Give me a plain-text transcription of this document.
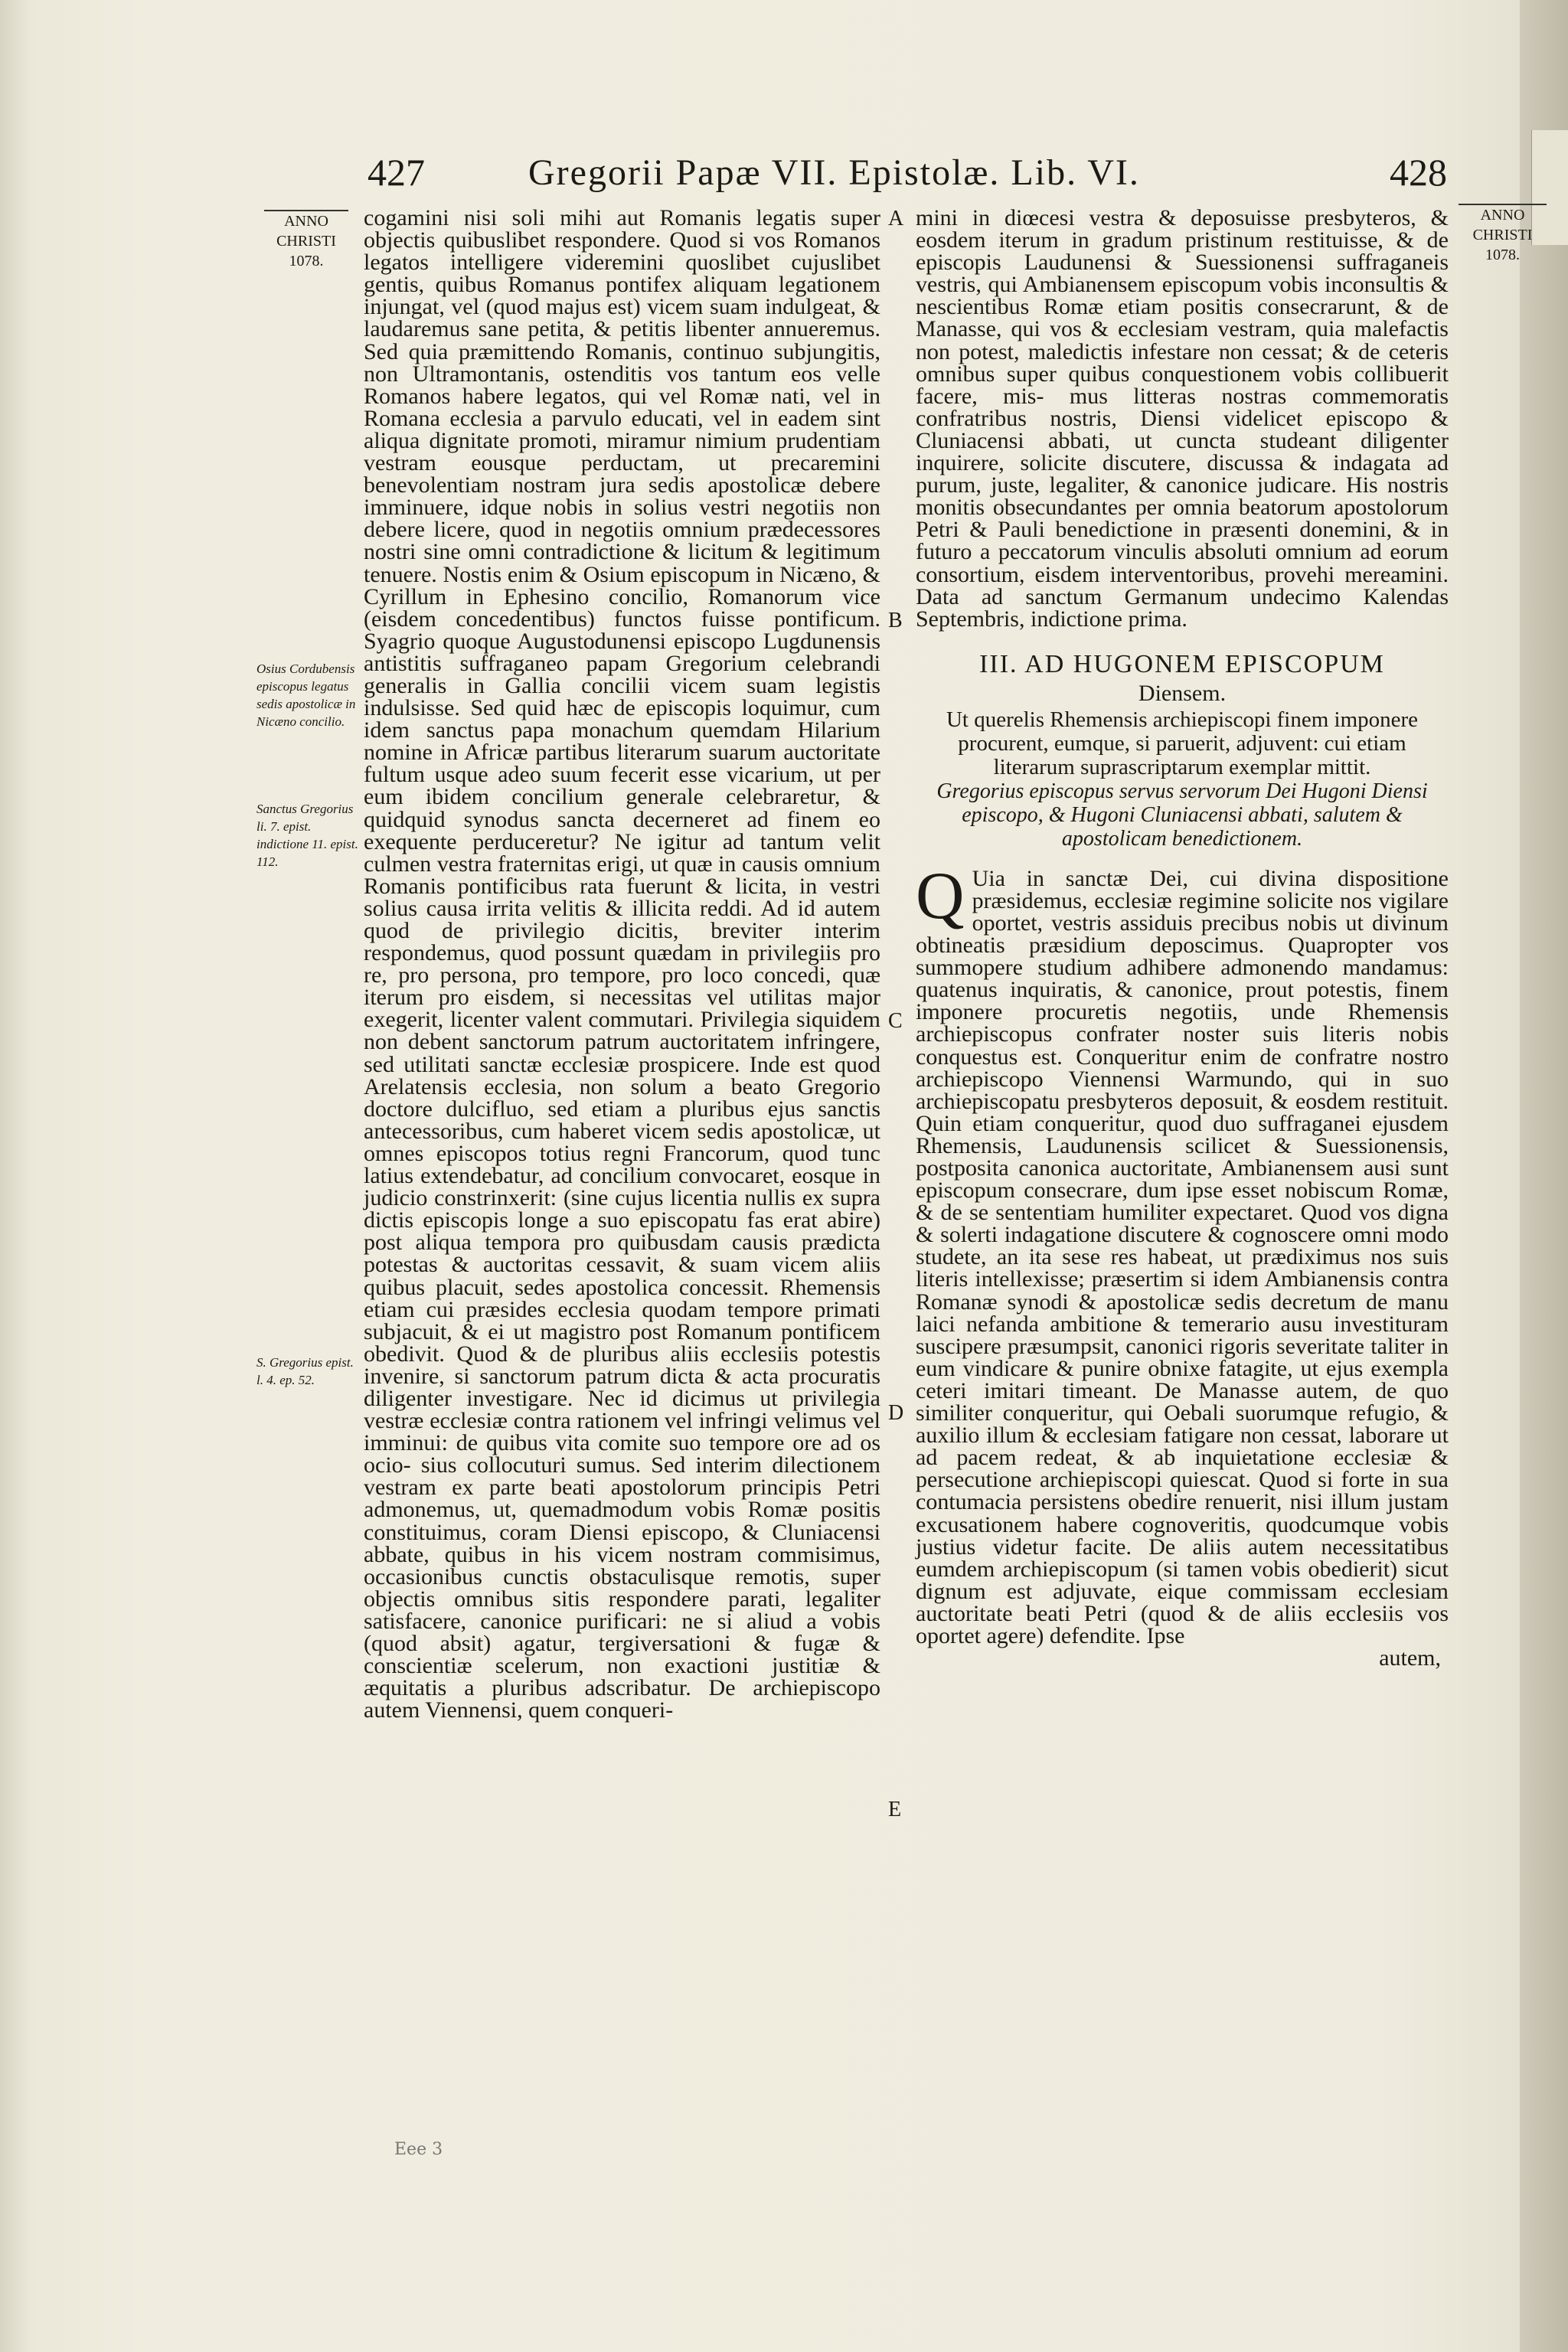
427	Gregorii Papæ VII. Epistolæ. Lib. VI.	428
ANNO
CHRISTI
1078.
ANNO
CHRISTI
1078.
Osius Cordubensis episcopus legatus sedis apostolicæ in Nicæno concilio.
Sanctus Gregorius li. 7. epist. indictione 11. epist. 112.
S. Gregorius epist. l. 4. ep. 52.
A
B
C
D
E

cogamini nisi soli mihi aut Romanis legatis super objectis quibuslibet respondere. Quod si vos Romanos legatos intelligere videremini quoslibet cujuslibet gentis, quibus Romanus pontifex aliquam legationem injungat, vel (quod majus est) vicem suam indulgeat, & laudaremus sane petita, & petitis libenter annueremus. Sed quia præmittendo Romanis, continuo subjungitis, non Ultramontanis, ostenditis vos tantum eos velle Romanos habere legatos, qui vel Romæ nati, vel in Romana ecclesia a parvulo educati, vel in eadem sint aliqua dignitate promoti, miramur nimium prudentiam vestram eousque perductam, ut precaremini benevolentiam nostram jura sedis apostolicæ debere imminuere, idque nobis in solius vestri negotiis non debere licere, quod in negotiis omnium prædecessores nostri sine omni contradictione & licitum & legitimum tenuere. Nostis enim & Osium episcopum in Nicæno, & Cyrillum in Ephesino concilio, Romanorum vice (eisdem concedentibus) functos fuisse pontificum. Syagrio quoque Augustodunensi episcopo Lugdunensis antistitis suffraganeo papam Gregorium celebrandi generalis in Gallia concilii vicem suam legistis indulsisse. Sed quid hæc de episcopis loquimur, cum idem sanctus papa monachum quemdam Hilarium nomine in Africæ partibus literarum suarum auctoritate fultum usque adeo suum fecerit esse vicarium, ut per eum ibidem concilium generale celebraretur, & quidquid synodus sancta decerneret ad finem eo exequente perduceretur? Ne igitur ad tantum velit culmen vestra fraternitas erigi, ut quæ in causis omnium Romanis pontificibus rata fuerunt & licita, in vestri solius causa irrita velitis & illicita reddi. Ad id autem quod de privilegio dicitis, breviter interim respondemus, quod possunt quædam in privilegiis pro re, pro persona, pro tempore, pro loco concedi, quæ iterum pro eisdem, si necessitas vel utilitas major exegerit, licenter valent commutari. Privilegia siquidem non debent sanctorum patrum auctoritatem infringere, sed utilitati sanctæ ecclesiæ prospicere. Inde est quod Arelatensis ecclesia, non solum a beato Gregorio doctore dulcifluo, sed etiam a pluribus ejus sanctis antecessoribus, cum haberet vicem sedis apostolicæ, ut omnes episcopos totius regni Francorum, quod tunc latius extendebatur, ad concilium convocaret, eosque in judicio constrinxerit: (sine cujus licentia nullis ex supra dictis episcopis longe a suo episcopatu fas erat abire) post aliqua tempora pro quibusdam causis prædicta potestas & auctoritas cessavit, & suam vicem aliis quibus placuit, sedes apostolica concessit. Rhemensis etiam cui præsides ecclesia quodam tempore primati subjacuit, & ei ut magistro post Romanum pontificem obedivit. Quod & de pluribus aliis ecclesiis potestis invenire, si sanctorum patrum dicta & acta procuratis diligenter investigare. Nec id dicimus ut privilegia vestræ ecclesiæ contra rationem vel infringi velimus vel imminui: de quibus vita comite suo tempore ore ad os ocio- sius collocuturi sumus. Sed interim dilectionem vestram ex parte beati apostolorum principis Petri admonemus, ut, quemadmodum vobis Romæ positis constituimus, coram Diensi episcopo, & Cluniacensi abbate, quibus in his vicem nostram commisimus, occasionibus cunctis obstaculisque remotis, super objectis omnibus sitis respondere parati, legaliter satisfacere, canonice purificari: ne si aliud a vobis (quod absit) agatur, tergiversationi & fugæ & conscientiæ scelerum, non exactioni justitiæ & æquitatis a pluribus adscribatur. De archiepiscopo autem Viennensi, quem conqueri-

Eee 3

mini in diœcesi vestra & deposuisse presbyteros, & eosdem iterum in gradum pristinum restituisse, & de episcopis Laudunensi & Suessionensi suffraganeis vestris, qui Ambianensem episcopum vobis inconsultis & nescientibus Romæ etiam positis consecrarunt, & de Manasse, qui vos & ecclesiam vestram, quia malefactis non potest, maledictis infestare non cessat; & de ceteris omnibus super quibus conquestionem vobis collibuerit facere, mis- mus litteras nostras commemoratis confratribus nostris, Diensi videlicet episcopo & Cluniacensi abbati, ut cuncta studeant diligenter inquirere, solicite discutere, discussa & indagata ad purum, juste, legaliter, & canonice judicare. His nostris monitis obsecundantes per omnia beatorum apostolorum Petri & Pauli benedictione in præsenti donemini, & in futuro a peccatorum vinculis absoluti omnium ad eorum consortium, eisdem interventoribus, provehi mereamini. Data ad sanctum Germanum undecimo Kalendas Septembris, indictione prima.

III. AD HUGONEM EPISCOPUM
Diensem.

Ut querelis Rhemensis archiepiscopi finem imponere procurent, eumque, si paruerit, adjuvent: cui etiam literarum suprascriptarum exemplar mittit.

Gregorius episcopus servus servorum Dei Hugoni Diensi episcopo, & Hugoni Cluniacensi abbati, salutem & apostolicam benedictionem.

Q Uia in sanctæ Dei, cui divina dispositione præsidemus, ecclesiæ regimine solicite nos vigilare oportet, vestris assiduis precibus nobis ut divinum obtineatis præsidium deposcimus. Quapropter vos summopere studium adhibere admonendo mandamus: quatenus inquiratis, & canonice, prout potestis, finem imponere procuretis negotiis, unde Rhemensis archiepiscopus confrater noster suis literis nobis conquestus est. Conqueritur enim de confratre nostro archiepiscopo Viennensi Warmundo, qui in suo archiepiscopatu presbyteros deposuit, & eosdem restituit. Quin etiam conqueritur, quod duo suffraganei ejusdem Rhemensis, Laudunensis scilicet & Suessionensis, postposita canonica auctoritate, Ambianensem ausi sunt episcopum consecrare, dum ipse esset nobiscum Romæ, & de se sententiam humiliter expectaret. Quod vos digna & solerti indagatione discutere & cognoscere omni modo studete, an ita sese res habeat, ut prædiximus nos suis literis intellexisse; præsertim si idem Ambianensis contra Romanæ synodi & apostolicæ sedis decretum de manu laici nefanda ambitione & temerario ausu investituram suscipere præsumpsit, canonici rigoris severitate taliter in eum vindicare & punire obnixe fatagite, ut ejus exempla ceteri imitari timeant. De Manasse autem, de quo similiter conqueritur, qui Oebali suorumque refugio, & auxilio illum & ecclesiam fatigare non cessat, laborare ut ad pacem redeat, & ab inquietatione ecclesiæ & persecutione archiepiscopi quiescat. Quod si forte in sua contumacia persistens obedire renuerit, nisi illum justam excusationem habere cognoveritis, quodcumque vobis justius videtur facite. De aliis autem necessitatibus eumdem archiepiscopum (si tamen vobis obedierit) sicut dignum est adjuvate, eique commissam ecclesiam auctoritate beati Petri (quod & de aliis ecclesiis vos oportet agere) defendite. Ipse

autem,
